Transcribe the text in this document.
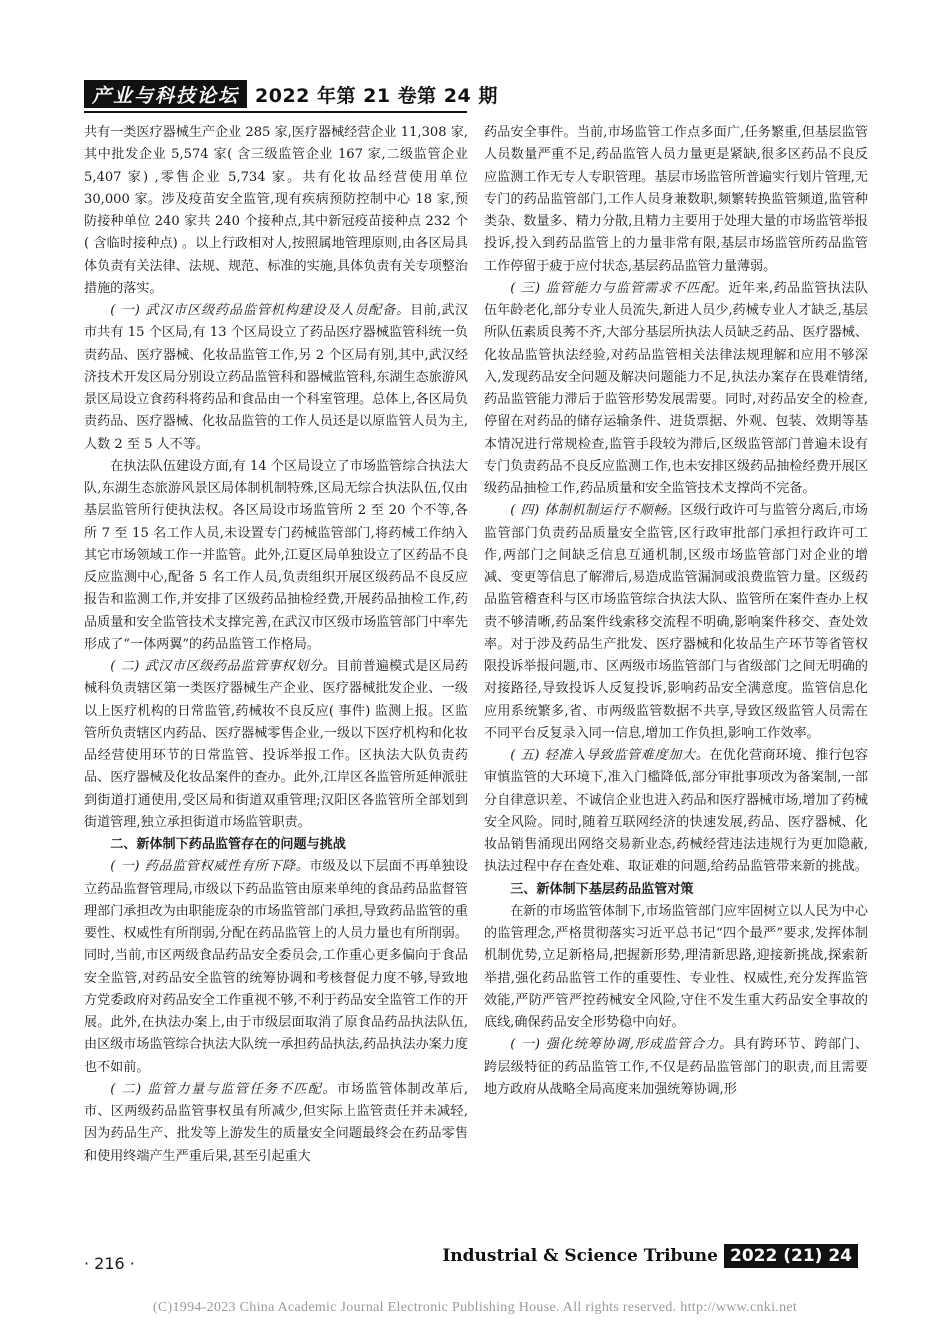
产业与科技论坛 2022 年第 21 卷第 24 期

共有一类医疗器械生产企业 285 家,医疗器械经营企业 11,308 家,其中批发企业 5,574 家( 含三级监管企业 167 家,二级监管企业 5,407 家) ,零售企业 5,734 家。共有化妆品经营使用单位 30,000 家。涉及疫苗安全监管,现有疾病预防控制中心 18 家,预防接种单位 240 家共 240 个接种点,其中新冠疫苗接种点 232 个( 含临时接种点) 。以上行政相对人,按照属地管理原则,由各区局具体负责有关法律、法规、规范、标准的实施,具体负责有关专项整治措施的落实。

( 一) 武汉市区级药品监管机构建设及人员配备。目前,武汉市共有 15 个区局,有 13 个区局设立了药品医疗器械监管科统一负责药品、医疗器械、化妆品监管工作,另 2 个区局有别,其中,武汉经济技术开发区局分别设立药品监管科和器械监管科,东湖生态旅游风景区局设立食药科将药品和食品由一个科室管理。总体上,各区局负责药品、医疗器械、化妆品监管的工作人员还是以原监管人员为主,人数 2 至 5 人不等。

在执法队伍建设方面,有 14 个区局设立了市场监管综合执法大队,东湖生态旅游风景区局体制机制特殊,区局无综合执法队伍,仅由基层监管所行使执法权。各区局设市场监管所 2 至 20 个不等,各所 7 至 15 名工作人员,未设置专门药械监管部门,将药械工作纳入其它市场领域工作一并监管。此外,江夏区局单独设立了区药品不良反应监测中心,配备 5 名工作人员,负责组织开展区级药品不良反应报告和监测工作,并安排了区级药品抽检经费,开展药品抽检工作,药品质量和安全监管技术支撑完善,在武汉市区级市场监管部门中率先形成了“一体两翼”的药品监管工作格局。

( 二) 武汉市区级药品监管事权划分。目前普遍模式是区局药械科负责辖区第一类医疗器械生产企业、医疗器械批发企业、一级以上医疗机构的日常监管,药械妆不良反应( 事件) 监测上报。区监管所负责辖区内药品、医疗器械零售企业,一级以下医疗机构和化妆品经营使用环节的日常监管、投诉举报工作。区执法大队负责药品、医疗器械及化妆品案件的查办。此外,江岸区各监管所延伸派驻到街道打通使用,受区局和街道双重管理;汉阳区各监管所全部划到街道管理,独立承担街道市场监管职责。

二、新体制下药品监管存在的问题与挑战

( 一) 药品监管权威性有所下降。市级及以下层面不再单独设立药品监督管理局,市级以下药品监管由原来单纯的食品药品监督管理部门承担改为由职能庞杂的市场监管部门承担,导致药品监管的重要性、权威性有所削弱,分配在药品监管上的人员力量也有所削弱。同时,当前,市区两级食品药品安全委员会,工作重心更多偏向于食品安全监管,对药品安全监管的统筹协调和考核督促力度不够,导致地方党委政府对药品安全工作重视不够,不利于药品安全监管工作的开展。此外,在执法办案上,由于市级层面取消了原食品药品执法队伍,由区级市场监管综合执法大队统一承担药品执法,药品执法办案力度也不如前。

( 二) 监管力量与监管任务不匹配。市场监管体制改革后,市、区两级药品监管事权虽有所减少,但实际上监管责任并未减轻,因为药品生产、批发等上游发生的质量安全问题最终会在药品零售和使用终端产生严重后果,甚至引起重大

药品安全事件。当前,市场监管工作点多面广,任务繁重,但基层监管人员数量严重不足,药品监管人员力量更是紧缺,很多区药品不良反应监测工作无专人专职管理。基层市场监管所普遍实行划片管理,无专门的药品监管部门,工作人员身兼数职,频繁转换监管频道,监管种类杂、数量多、精力分散,且精力主要用于处理大量的市场监管举报投诉,投入到药品监管上的力量非常有限,基层市场监管所药品监管工作停留于疲于应付状态,基层药品监管力量薄弱。

( 三) 监管能力与监管需求不匹配。近年来,药品监管执法队伍年龄老化,部分专业人员流失,新进人员少,药械专业人才缺乏,基层所队伍素质良莠不齐,大部分基层所执法人员缺乏药品、医疗器械、化妆品监管执法经验,对药品监管相关法律法规理解和应用不够深入,发现药品安全问题及解决问题能力不足,执法办案存在畏难情绪,药品监管能力滞后于监管形势发展需要。同时,对药品安全的检查,停留在对药品的储存运输条件、进货票据、外观、包装、效期等基本情况进行常规检查,监管手段较为滞后,区级监管部门普遍未设有专门负责药品不良反应监测工作,也未安排区级药品抽检经费开展区级药品抽检工作,药品质量和安全监管技术支撑尚不完备。

( 四) 体制机制运行不顺畅。区级行政许可与监管分离后,市场监管部门负责药品质量安全监管,区行政审批部门承担行政许可工作,两部门之间缺乏信息互通机制,区级市场监管部门对企业的增减、变更等信息了解滞后,易造成监管漏洞或浪费监管力量。区级药品监管稽查科与区市场监管综合执法大队、监管所在案件查办上权责不够清晰,药品案件线索移交流程不明确,影响案件移交、查处效率。对于涉及药品生产批发、医疗器械和化妆品生产环节等省管权限投诉举报问题,市、区两级市场监管部门与省级部门之间无明确的对接路径,导致投诉人反复投诉,影响药品安全满意度。监管信息化应用系统繁多,省、市两级监管数据不共享,导致区级监管人员需在不同平台反复录入同一信息,增加工作负担,影响工作效率。

( 五) 轻准入导致监管难度加大。在优化营商环境、推行包容审慎监管的大环境下,准入门槛降低,部分审批事项改为备案制,一部分自律意识差、不诚信企业也进入药品和医疗器械市场,增加了药械安全风险。同时,随着互联网经济的快速发展,药品、医疗器械、化妆品销售涌现出网络交易新业态,药械经营违法违规行为更加隐蔽,执法过程中存在查处难、取证难的问题,给药品监管带来新的挑战。

三、新体制下基层药品监管对策

在新的市场监管体制下,市场监管部门应牢固树立以人民为中心的监管理念,严格贯彻落实习近平总书记“四个最严”要求,发挥体制机制优势,立足新格局,把握新形势,理清新思路,迎接新挑战,探索新举措,强化药品监管工作的重要性、专业性、权威性,充分发挥监管效能,严防严管严控药械安全风险,守住不发生重大药品安全事故的底线,确保药品安全形势稳中向好。

( 一) 强化统筹协调,形成监管合力。具有跨环节、跨部门、跨层级特征的药品监管工作,不仅是药品监管部门的职责,而且需要地方政府从战略全局高度来加强统筹协调,形

· 216 ·	Industrial & Science Tribune 2022 (21) 24
(C)1994-2023 China Academic Journal Electronic Publishing House. All rights reserved. http://www.cnki.net
